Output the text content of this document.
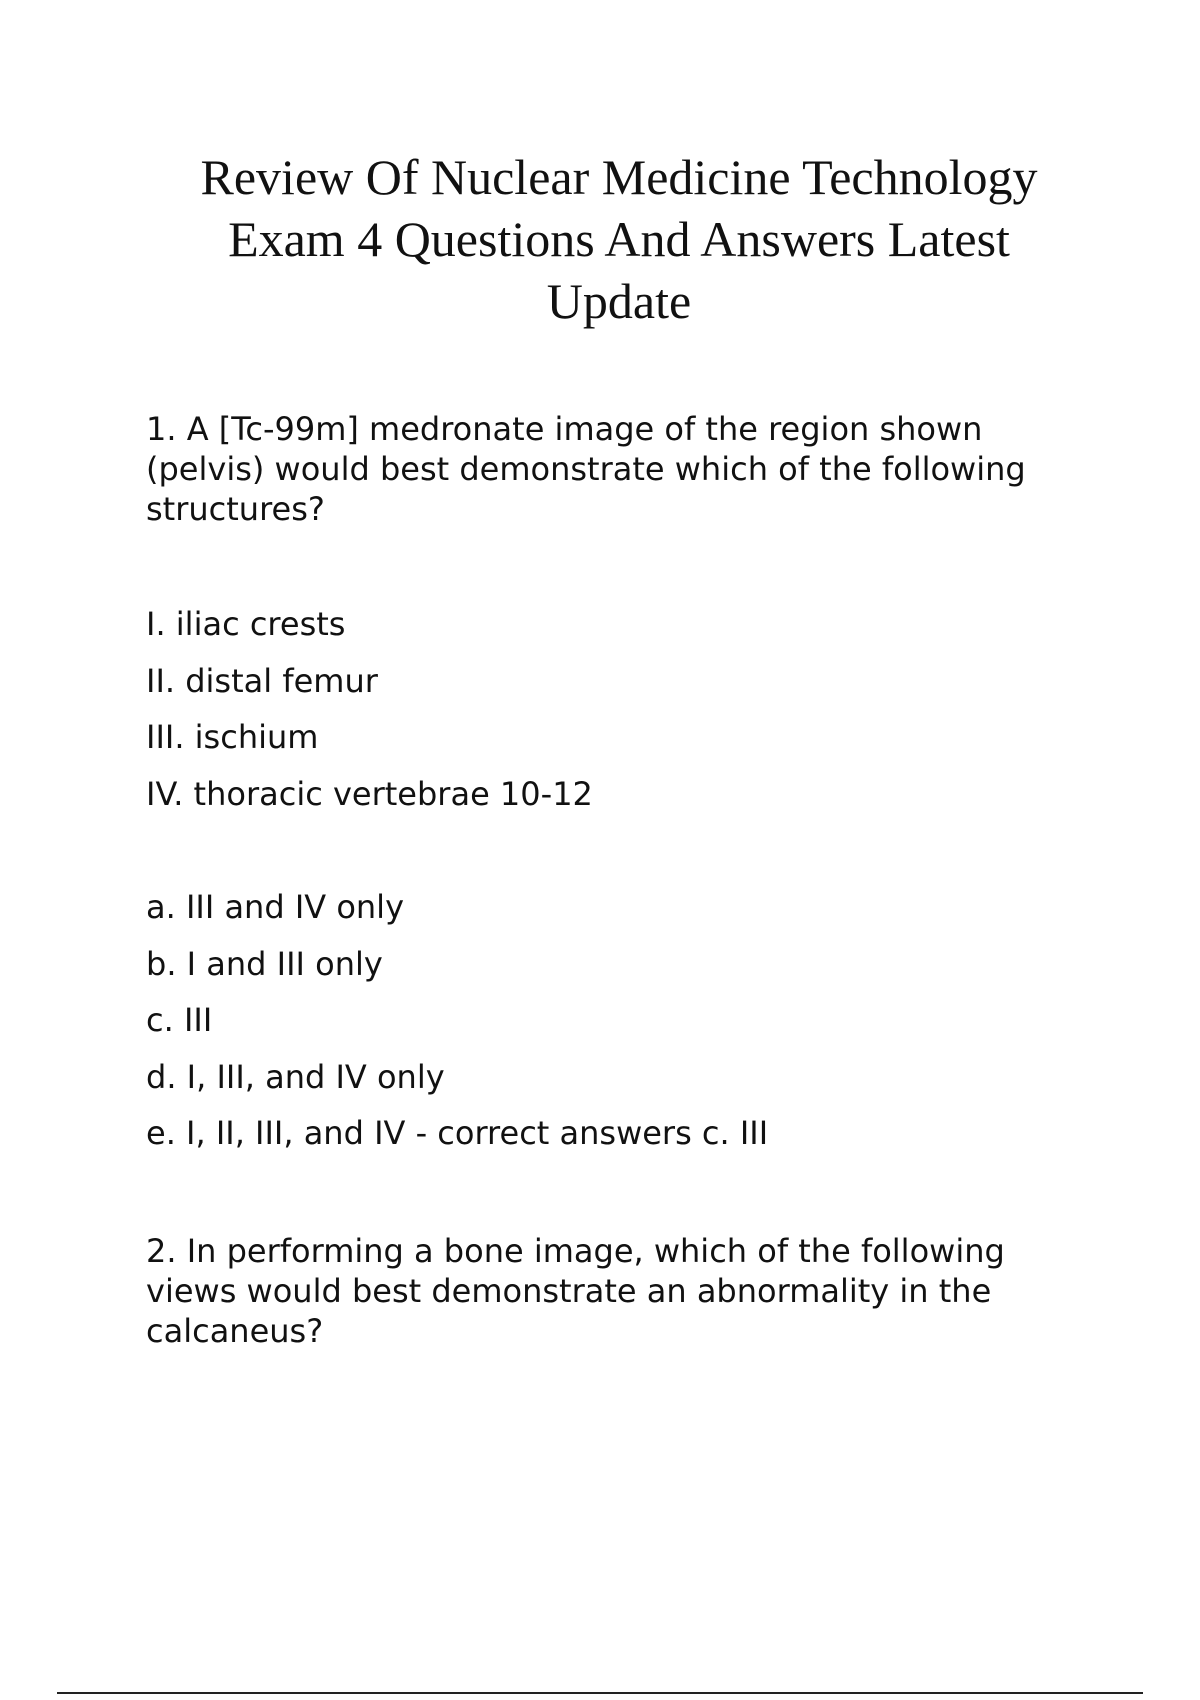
Review Of Nuclear Medicine Technology Exam 4 Questions And Answers Latest Update

1. A [Tc-99m] medronate image of the region shown (pelvis) would best demonstrate which of the following structures?

I. iliac crests
II. distal femur
III. ischium
IV. thoracic vertebrae 10-12
a. III and IV only
b. I and III only
c. III
d. I, III, and IV only
e. I, II, III, and IV - correct answers c. III

2. In performing a bone image, which of the following views would best demonstrate an abnormality in the calcaneus?
